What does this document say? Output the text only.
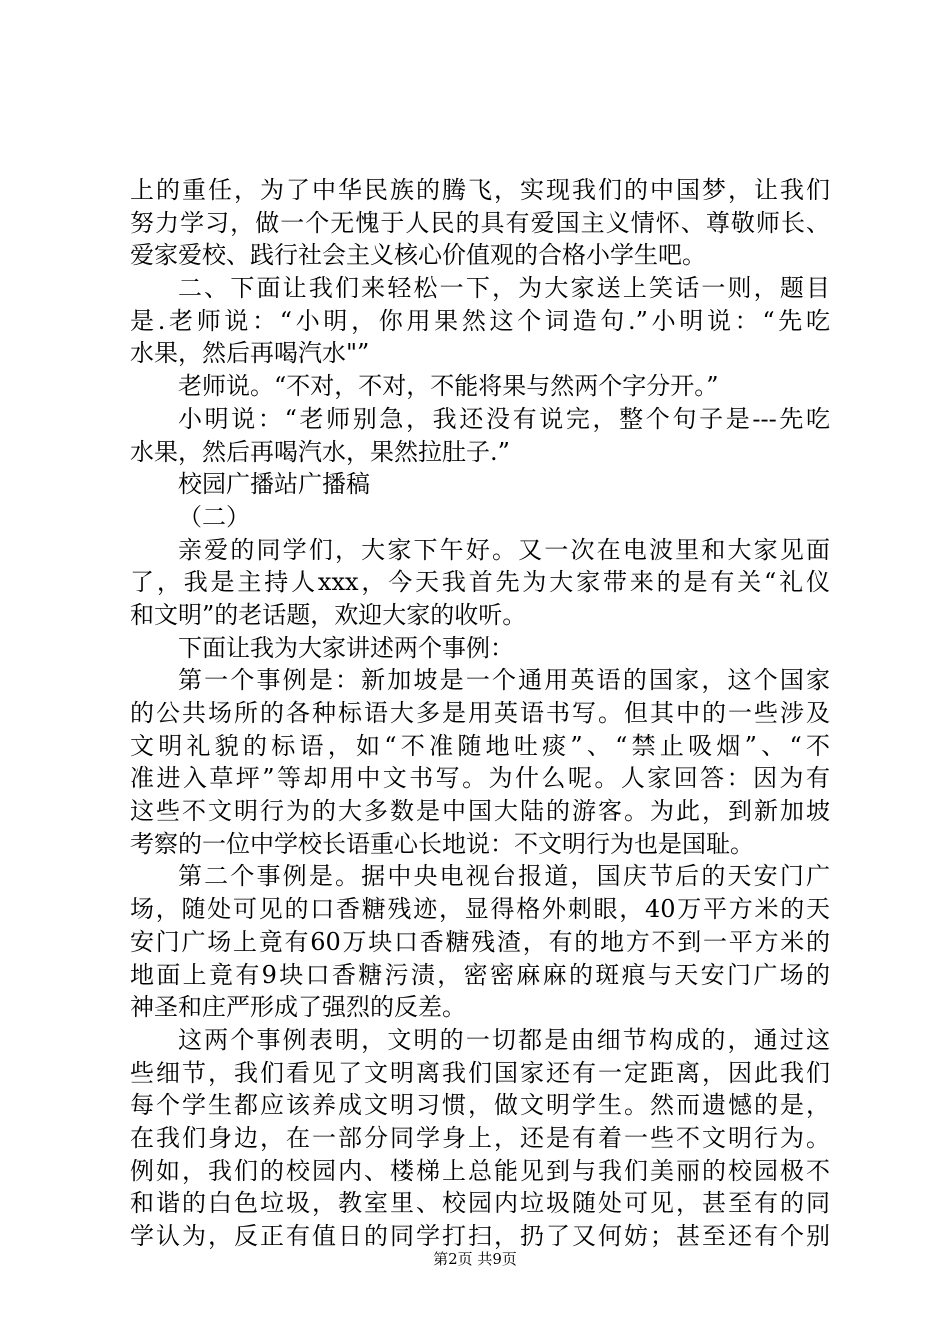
上的重任，为了中华民族的腾飞，实现我们的中国梦，让我们
努力学习，做一个无愧于人民的具有爱国主义情怀、尊敬师长、
爱家爱校、践行社会主义核心价值观的合格小学生吧。
二、下面让我们来轻松一下，为大家送上笑话一则，题目
是.老师说：“小明，你用果然这个词造句.”小明说：“先吃
水果，然后再喝汽水"”
老师说。“不对，不对，不能将果与然两个字分开。”
小明说：“老师别急，我还没有说完，整个句子是---先吃
水果，然后再喝汽水，果然拉肚子.”
校园广播站广播稿
（二）
亲爱的同学们，大家下午好。又一次在电波里和大家见面
了，我是主持人xxx，今天我首先为大家带来的是有关“礼仪
和文明”的老话题，欢迎大家的收听。
下面让我为大家讲述两个事例：
第一个事例是：新加坡是一个通用英语的国家，这个国家
的公共场所的各种标语大多是用英语书写。但其中的一些涉及
文明礼貌的标语，如“不准随地吐痰”、“禁止吸烟”、“不
准进入草坪”等却用中文书写。为什么呢。人家回答：因为有
这些不文明行为的大多数是中国大陆的游客。为此，到新加坡
考察的一位中学校长语重心长地说：不文明行为也是国耻。
第二个事例是。据中央电视台报道，国庆节后的天安门广
场，随处可见的口香糖残迹，显得格外刺眼，40万平方米的天
安门广场上竟有60万块口香糖残渣，有的地方不到一平方米的
地面上竟有9块口香糖污渍，密密麻麻的斑痕与天安门广场的
神圣和庄严形成了强烈的反差。
这两个事例表明，文明的一切都是由细节构成的，通过这
些细节，我们看见了文明离我们国家还有一定距离，因此我们
每个学生都应该养成文明习惯，做文明学生。然而遗憾的是，
在我们身边，在一部分同学身上，还是有着一些不文明行为。
例如，我们的校园内、楼梯上总能见到与我们美丽的校园极不
和谐的白色垃圾，教室里、校园内垃圾随处可见，甚至有的同
学认为，反正有值日的同学打扫，扔了又何妨；甚至还有个别
第2页 共9页
